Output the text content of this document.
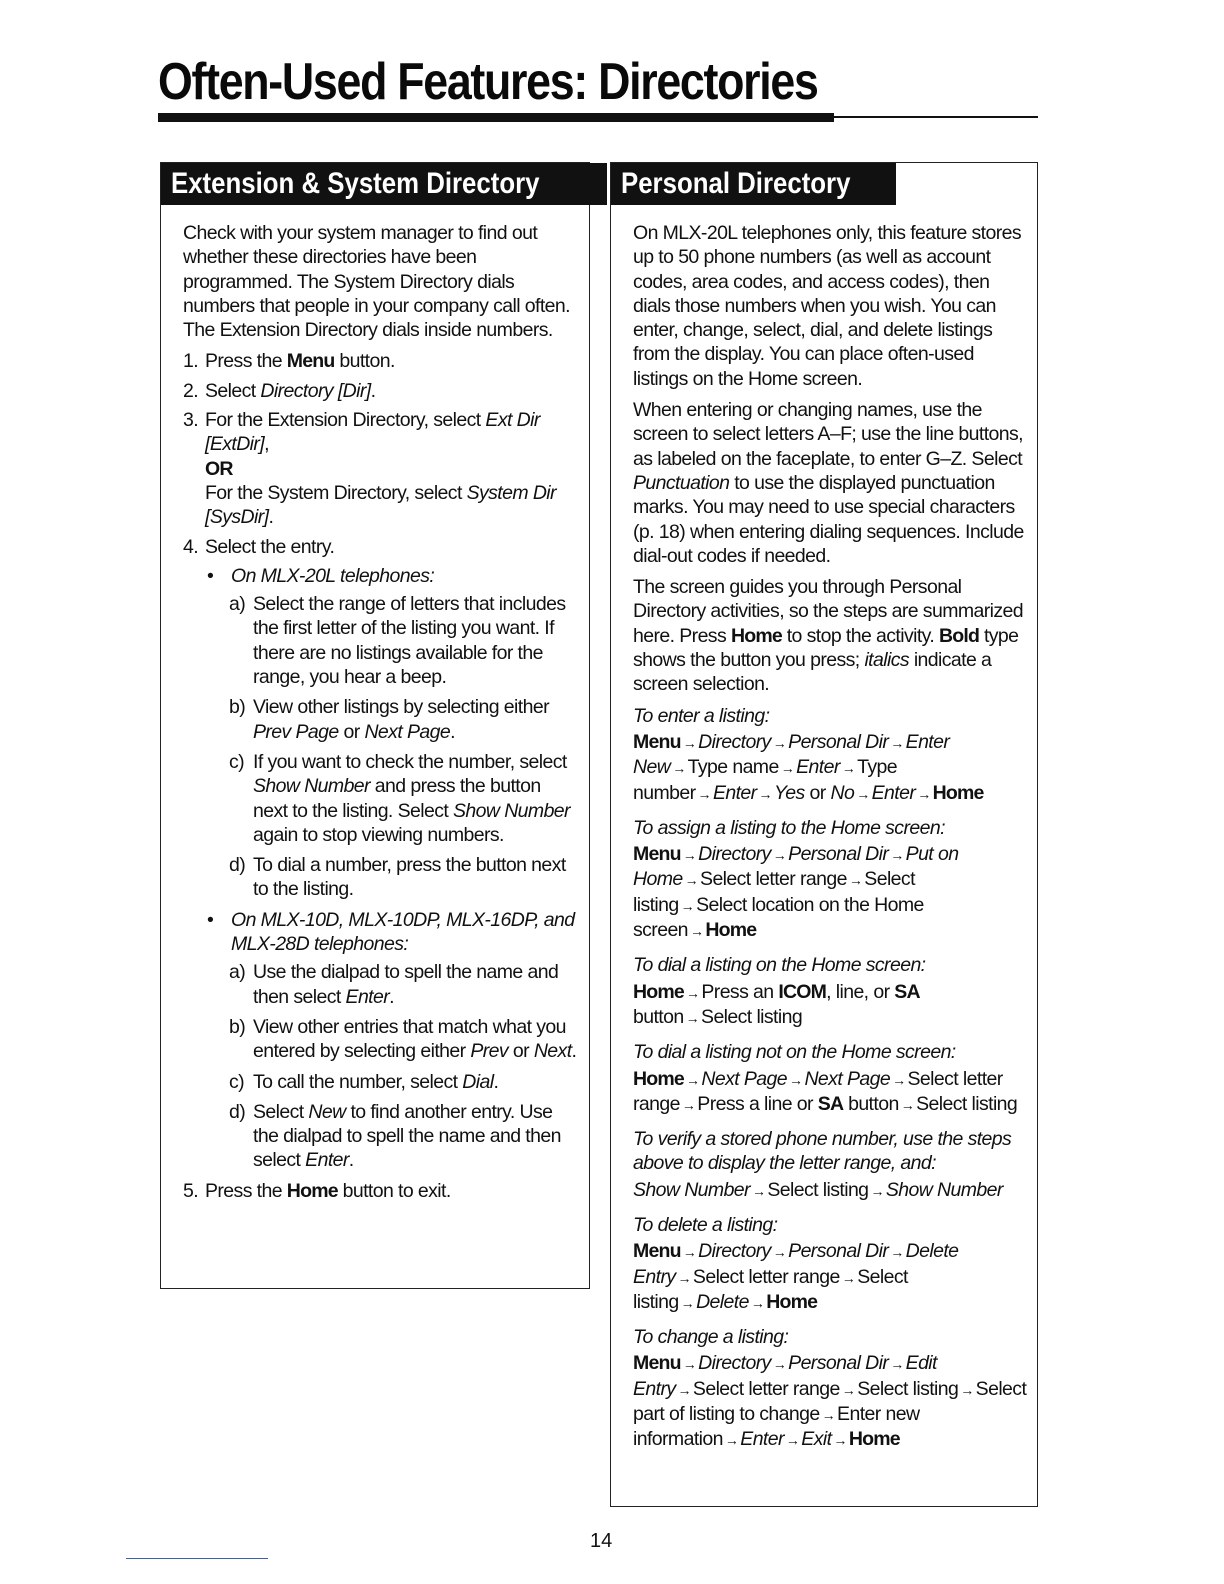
Often-Used Features: Directories
Extension & System Directory

Check with your system manager to find out whether these directories have been programmed. The System Directory dials numbers that people in your company call often. The Extension Directory dials inside numbers.

1. Press the Menu button.
2. Select Directory [Dir].
3. For the Extension Directory, select Ext Dir [ExtDir],
OR
For the System Directory, select System Dir [SysDir].
4. Select the entry.
• On MLX-20L telephones:
a) Select the range of letters that includes the first letter of the listing you want. If there are no listings available for the range, you hear a beep.
b) View other listings by selecting either Prev Page or Next Page.
c) If you want to check the number, select Show Number and press the button next to the listing. Select Show Number again to stop viewing numbers.
d) To dial a number, press the button next to the listing.
• On MLX-10D, MLX-10DP, MLX-16DP, and MLX-28D telephones:
a) Use the dialpad to spell the name and then select Enter.
b) View other entries that match what you entered by selecting either Prev or Next.
c) To call the number, select Dial.
d) Select New to find another entry. Use the dialpad to spell the name and then select Enter.
5. Press the Home button to exit.
Personal Directory

On MLX-20L telephones only, this feature stores up to 50 phone numbers (as well as account codes, area codes, and access codes), then dials those numbers when you wish. You can enter, change, select, dial, and delete listings from the display. You can place often-used listings on the Home screen.

When entering or changing names, use the screen to select letters A–F; use the line buttons, as labeled on the faceplate, to enter G–Z. Select Punctuation to use the displayed punctuation marks. You may need to use special characters (p. 18) when entering dialing sequences. Include dial-out codes if needed.

The screen guides you through Personal Directory activities, so the steps are summarized here. Press Home to stop the activity. Bold type shows the button you press; italics indicate a screen selection.

To enter a listing:
Menu → Directory → Personal Dir → Enter New → Type name → Enter → Type number → Enter → Yes or No → Enter → Home
To assign a listing to the Home screen:
Menu → Directory → Personal Dir → Put on Home → Select letter range → Select listing → Select location on the Home screen → Home
To dial a listing on the Home screen:
Home → Press an ICOM, line, or SA button → Select listing
To dial a listing not on the Home screen:
Home → Next Page → Next Page → Select letter range → Press a line or SA button → Select listing
To verify a stored phone number, use the steps above to display the letter range, and:
Show Number → Select listing → Show Number
To delete a listing:
Menu → Directory → Personal Dir → Delete Entry → Select letter range → Select listing → Delete → Home
To change a listing:
Menu → Directory → Personal Dir → Edit Entry → Select letter range → Select listing → Select part of listing to change → Enter new information → Enter → Exit → Home
14
